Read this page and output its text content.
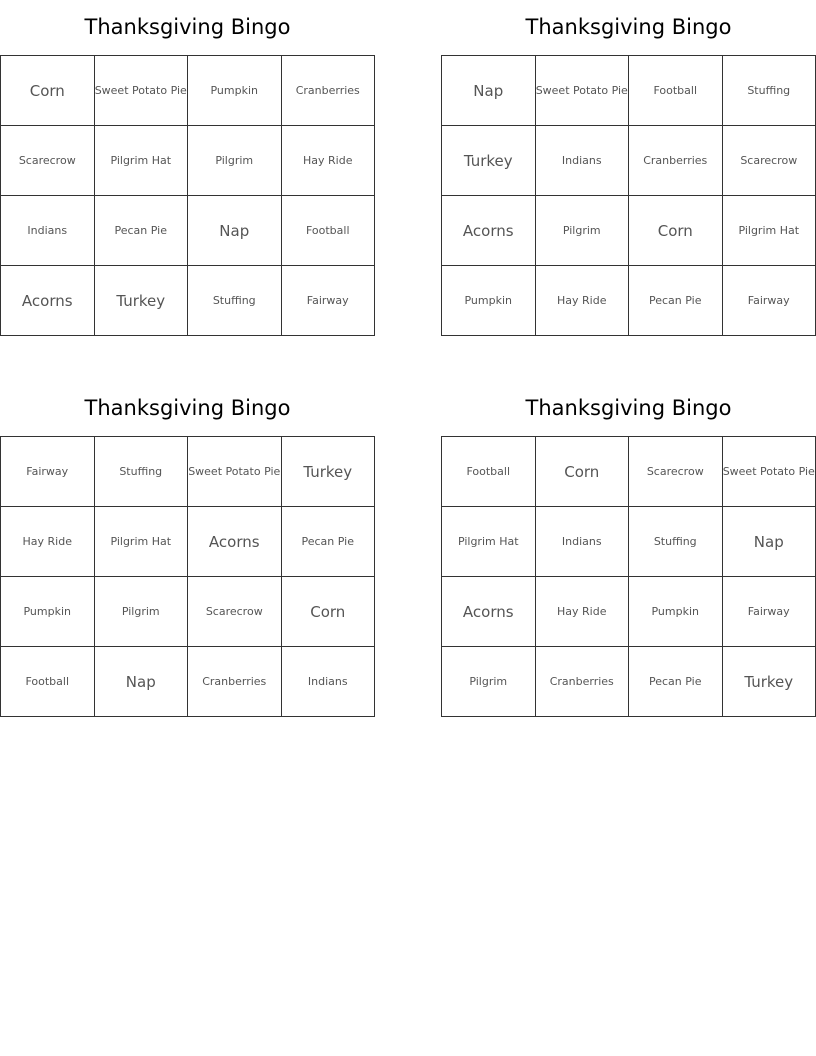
Thanksgiving Bingo
Corn	Sweet Potato Pie	Pumpkin	Cranberries
Scarecrow	Pilgrim Hat	Pilgrim	Hay Ride
Indians	Pecan Pie	Nap	Football
Acorns	Turkey	Stuffing	Fairway
Thanksgiving Bingo
Nap	Sweet Potato Pie	Football	Stuffing
Turkey	Indians	Cranberries	Scarecrow
Acorns	Pilgrim	Corn	Pilgrim Hat
Pumpkin	Hay Ride	Pecan Pie	Fairway
Thanksgiving Bingo
Fairway	Stuffing	Sweet Potato Pie	Turkey
Hay Ride	Pilgrim Hat	Acorns	Pecan Pie
Pumpkin	Pilgrim	Scarecrow	Corn
Football	Nap	Cranberries	Indians
Thanksgiving Bingo
Football	Corn	Scarecrow	Sweet Potato Pie
Pilgrim Hat	Indians	Stuffing	Nap
Acorns	Hay Ride	Pumpkin	Fairway
Pilgrim	Cranberries	Pecan Pie	Turkey
